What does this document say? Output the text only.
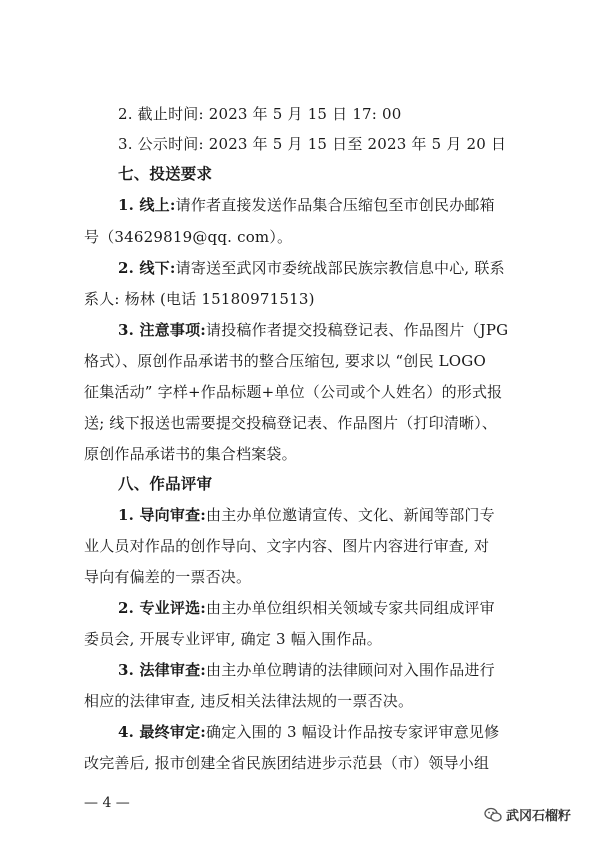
2. 截止时间: 2023 年 5 月 15 日 17: 00
3. 公示时间: 2023 年 5 月 15 日至 2023 年 5 月 20 日
七、投送要求
1. 线上:请作者直接发送作品集合压缩包至市创民办邮箱
号（34629819@qq. com）。
2. 线下:请寄送至武冈市委统战部民族宗教信息中心, 联系
系人: 杨林 (电话 15180971513)
3. 注意事项:请投稿作者提交投稿登记表、作品图片（JPG
格式）、原创作品承诺书的整合压缩包, 要求以 “创民 LOGO
征集活动” 字样+作品标题+单位（公司或个人姓名）的形式报
送; 线下报送也需要提交投稿登记表、作品图片（打印清晰）、
原创作品承诺书的集合档案袋。
八、作品评审
1. 导向审查:由主办单位邀请宣传、文化、新闻等部门专
业人员对作品的创作导向、文字内容、图片内容进行审查, 对
导向有偏差的一票否决。
2. 专业评选:由主办单位组织相关领域专家共同组成评审
委员会, 开展专业评审, 确定 3 幅入围作品。
3. 法律审查:由主办单位聘请的法律顾问对入围作品进行
相应的法律审查, 违反相关法律法规的一票否决。
4. 最终审定:确定入围的 3 幅设计作品按专家评审意见修
改完善后, 报市创建全省民族团结进步示范县（市）领导小组
— 4 —
武冈石榴籽
